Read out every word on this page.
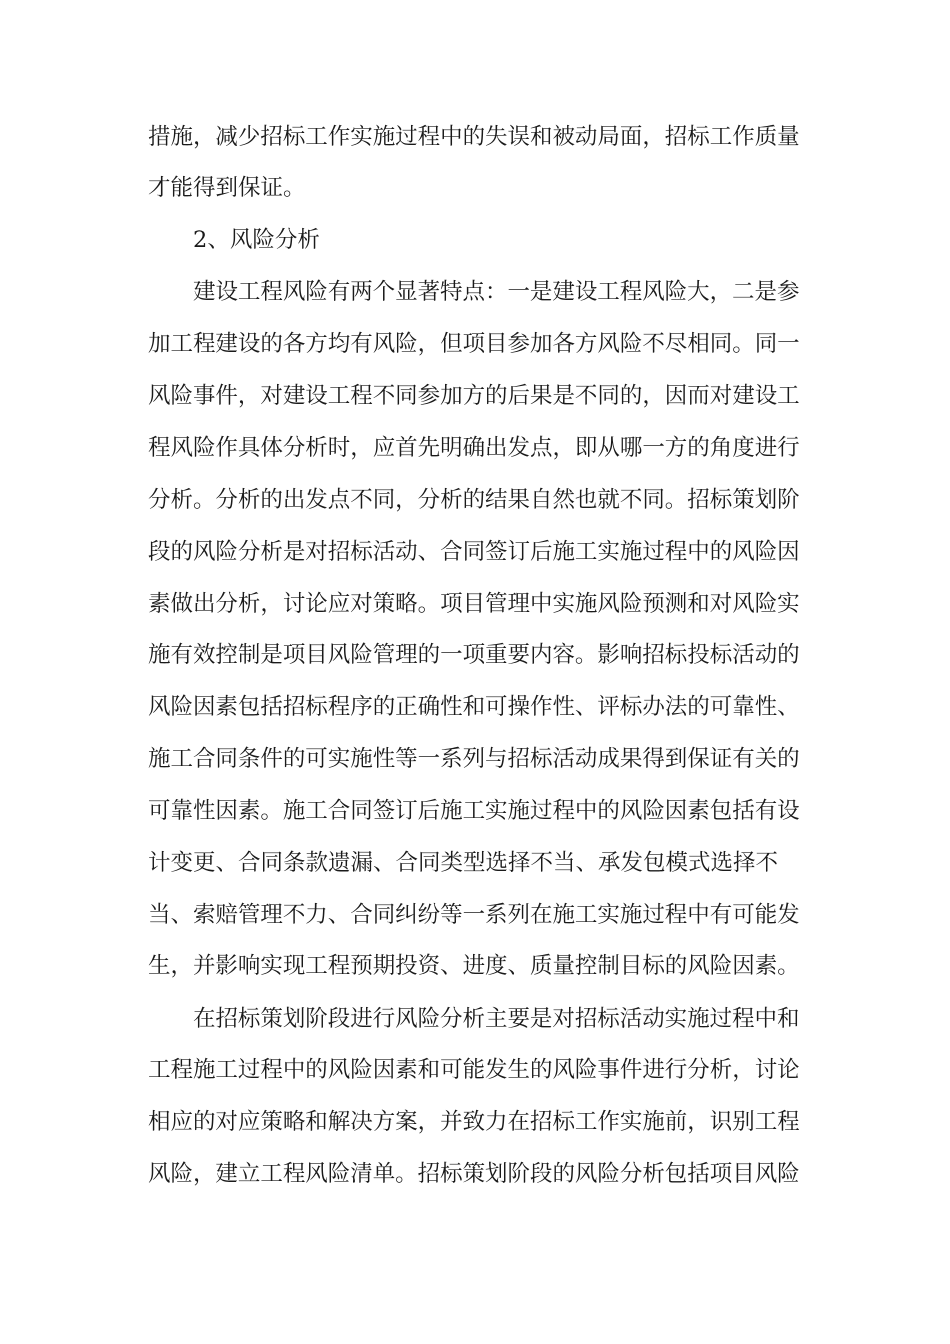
措施，减少招标工作实施过程中的失误和被动局面，招标工作质量
才能得到保证。
2、风险分析
建设工程风险有两个显著特点：一是建设工程风险大，二是参
加工程建设的各方均有风险，但项目参加各方风险不尽相同。同一
风险事件，对建设工程不同参加方的后果是不同的，因而对建设工
程风险作具体分析时，应首先明确出发点，即从哪一方的角度进行
分析。分析的出发点不同，分析的结果自然也就不同。招标策划阶
段的风险分析是对招标活动、合同签订后施工实施过程中的风险因
素做出分析，讨论应对策略。项目管理中实施风险预测和对风险实
施有效控制是项目风险管理的一项重要内容。影响招标投标活动的
风险因素包括招标程序的正确性和可操作性、评标办法的可靠性、
施工合同条件的可实施性等一系列与招标活动成果得到保证有关的
可靠性因素。施工合同签订后施工实施过程中的风险因素包括有设
计变更、合同条款遗漏、合同类型选择不当、承发包模式选择不
当、索赔管理不力、合同纠纷等一系列在施工实施过程中有可能发
生，并影响实现工程预期投资、进度、质量控制目标的风险因素。
在招标策划阶段进行风险分析主要是对招标活动实施过程中和
工程施工过程中的风险因素和可能发生的风险事件进行分析，讨论
相应的对应策略和解决方案，并致力在招标工作实施前，识别工程
风险，建立工程风险清单。招标策划阶段的风险分析包括项目风险
